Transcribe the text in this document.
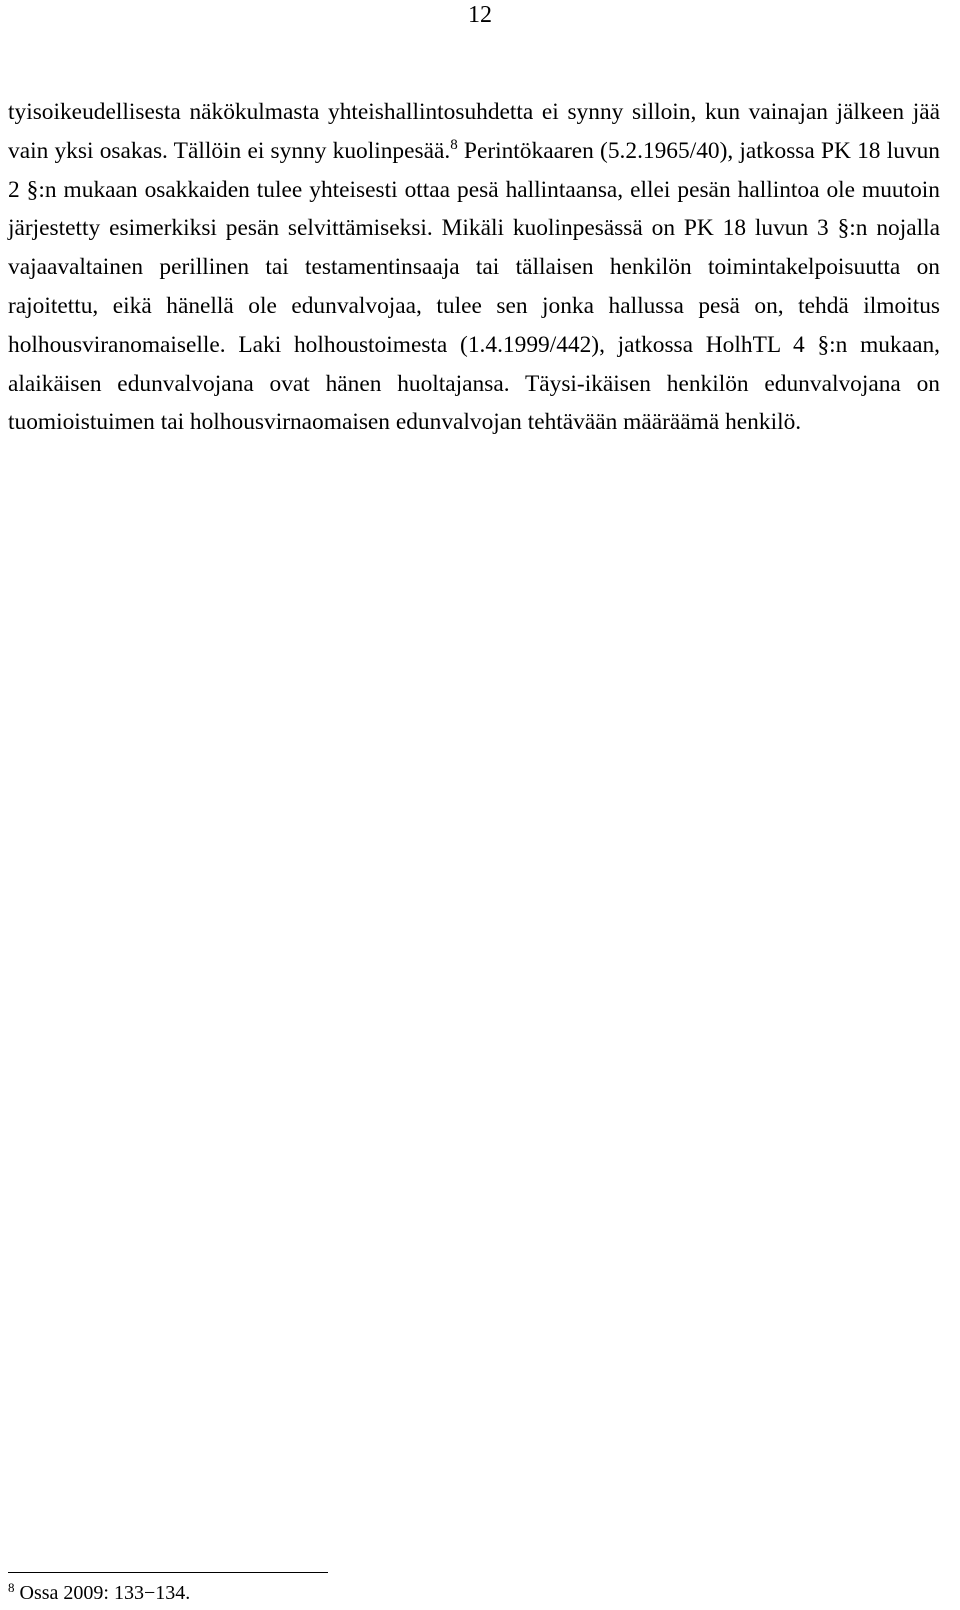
12

tyisoikeudellisesta näkökulmasta yhteishallintosuhdetta ei synny silloin, kun vainajan jälkeen jää vain yksi osakas. Tällöin ei synny kuolinpesää.$^8$ Perintökaaren (5.2.1965/40), jatkossa PK 18 luvun 2 §:n mukaan osakkaiden tulee yhteisesti ottaa pesä hallintaansa, ellei pesän hallintoa ole muutoin järjestetty esimerkiksi pesän selvittämiseksi. Mikäli kuolinpesässä on PK 18 luvun 3 §:n nojalla vajaavaltainen perillinen tai testamentinsaaja tai tällaisen henkilön toimintakelpoisuutta on rajoitettu, eikä hänellä ole edunvalvojaa, tulee sen jonka hallussa pesä on, tehdä ilmoitus holhousviranomaiselle. Laki holhoustoimesta (1.4.1999/442), jatkossa HolhTL 4 §:n mukaan, alaikäisen edunvalvojana ovat hänen huoltajansa. Täysi-ikäisen henkilön edunvalvojana on tuomioistuimen tai holhousvirnaomaisen edunvalvojan tehtävään määräämä henkilö.

$^8$ Ossa 2009: 133−134.
